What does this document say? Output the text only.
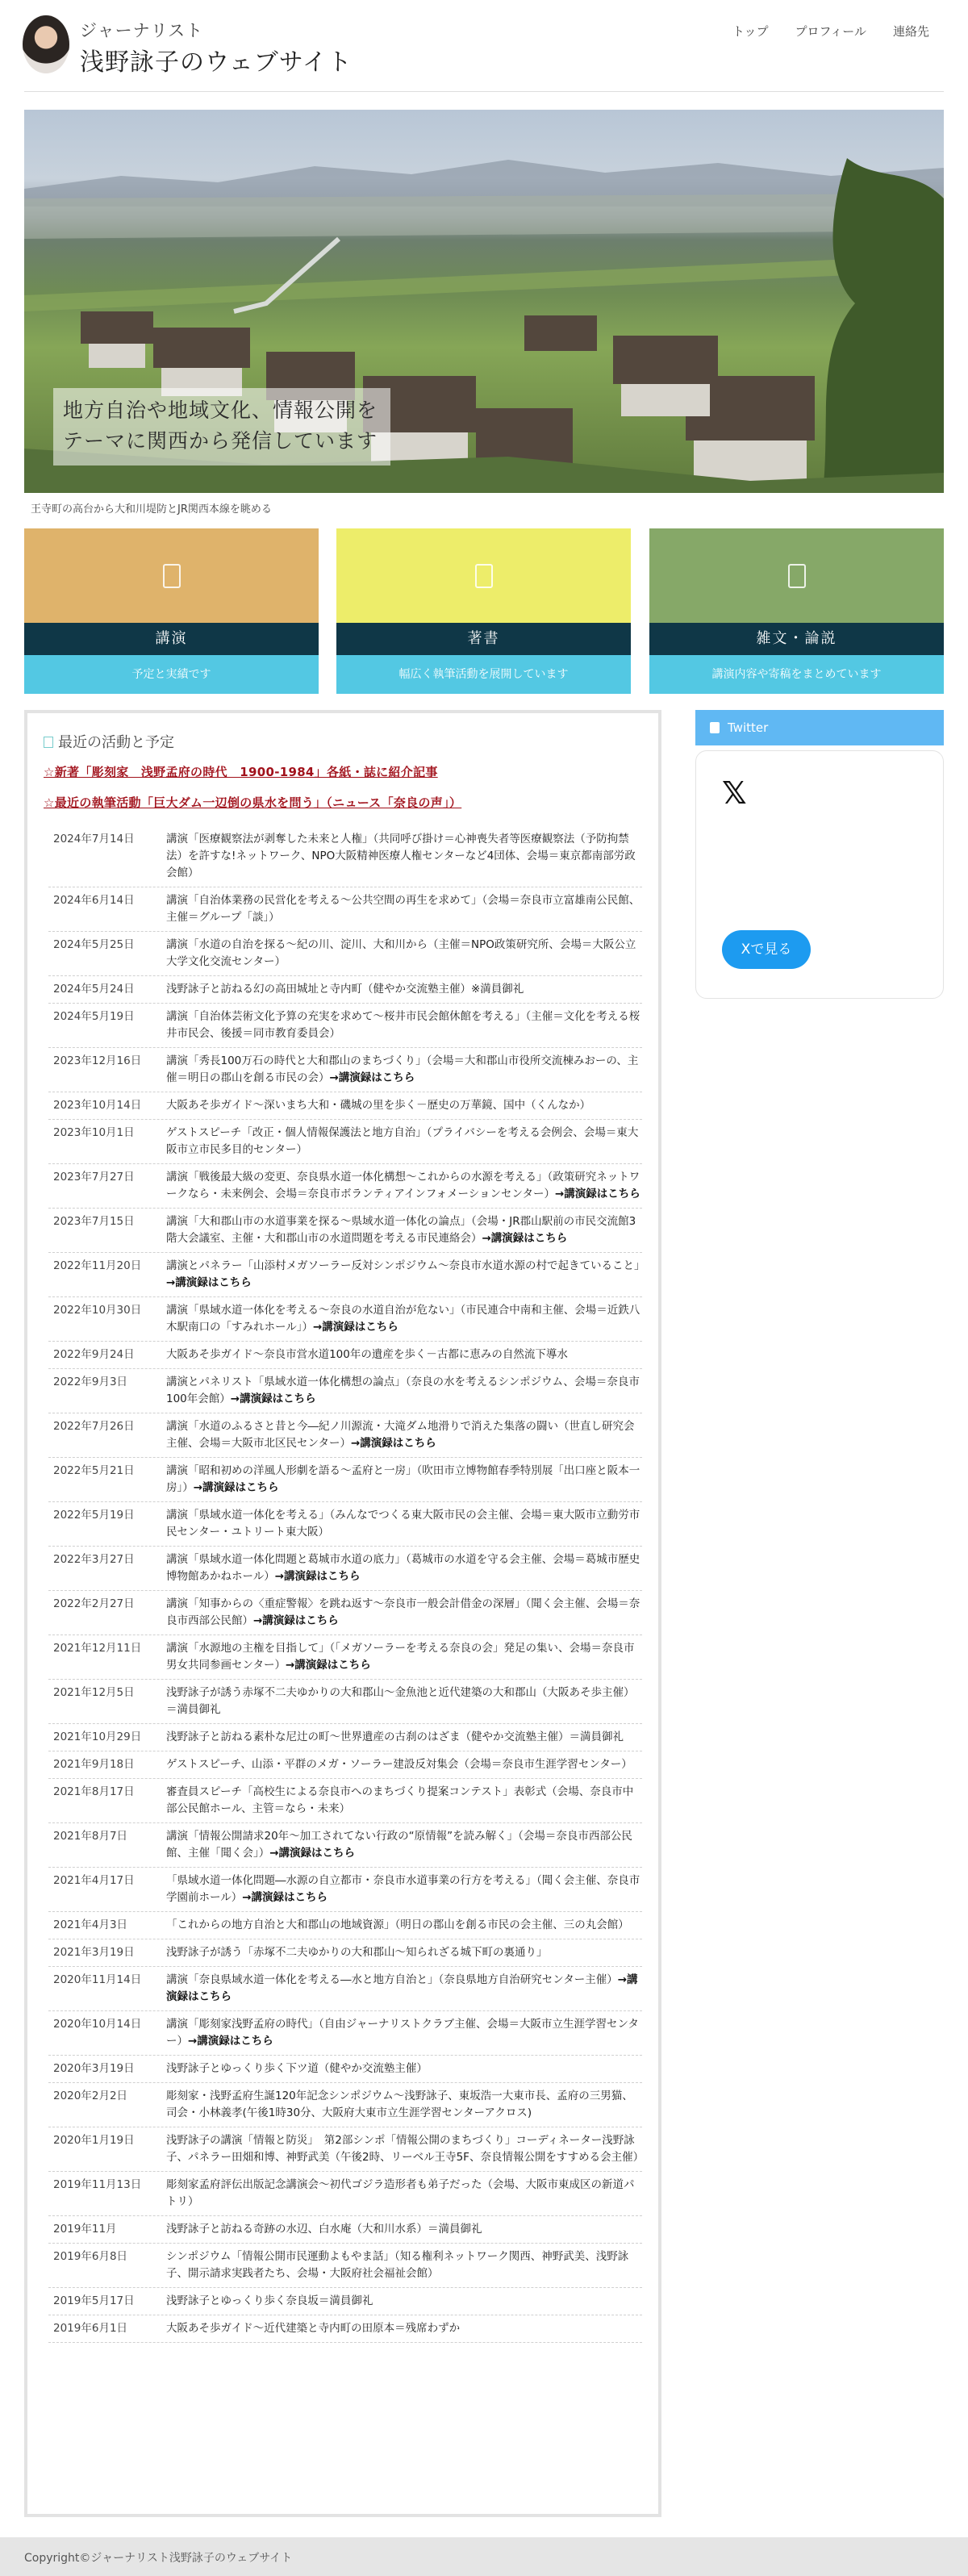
ジャーナリスト
浅野詠子のウェブサイト
トップ プロフィール 連絡先
地方自治や地域文化、情報公開を
テーマに関西から発信しています
王寺町の高台から大和川堤防とJR関西本線を眺める
講演
予定と実績です
著書
幅広く執筆活動を展開しています
雑文・論説
講演内容や寄稿をまとめています
最近の活動と予定
☆新著「彫刻家　浅野孟府の時代　1900-1984」各紙・誌に紹介記事
☆最近の執筆活動「巨大ダム一辺倒の県水を問う」（ニュース「奈良の声」）
2024年7月14日	講演「医療観察法が剥奪した未来と人権」（共同呼び掛け＝心神喪失者等医療観察法（予防拘禁法）を許すな!ネットワーク、NPO大阪精神医療人権センターなど4団体、会場＝東京都南部労政会館）
2024年6月14日	講演「自治体業務の民営化を考える～公共空間の再生を求めて」（会場＝奈良市立富雄南公民館、主催＝グループ「談」）
2024年5月25日	講演「水道の自治を探る～紀の川、淀川、大和川から（主催＝NPO政策研究所、会場＝大阪公立大学文化交流センター）
2024年5月24日	浅野詠子と訪ねる幻の高田城址と寺内町（健やか交流塾主催）※満員御礼
2024年5月19日	講演「自治体芸術文化予算の充実を求めて～桜井市民会館休館を考える」（主催＝文化を考える桜井市民会、後援＝同市教育委員会）
2023年12月16日	講演「秀長100万石の時代と大和郡山のまちづくり」（会場＝大和郡山市役所交流棟みおーの、主催＝明日の郡山を創る市民の会）→講演録はこちら
2023年10月14日	大阪あそ歩ガイド～深いまち大和・磯城の里を歩く－歴史の万華鏡、国中（くんなか）
2023年10月1日	ゲストスピーチ「改正・個人情報保護法と地方自治」（プライバシーを考える会例会、会場＝東大阪市立市民多目的センター）
2023年7月27日	講演「戦後最大級の変更、奈良県水道一体化構想～これからの水源を考える」（政策研究ネットワークなら・未来例会、会場＝奈良市ボランティアインフォメーションセンター）→講演録はこちら
2023年7月15日	講演「大和郡山市の水道事業を探る～県域水道一体化の論点」（会場・JR郡山駅前の市民交流館3階大会議室、主催・大和郡山市の水道問題を考える市民連絡会）→講演録はこちら
2022年11月20日	講演とパネラー「山添村メガソーラー反対シンポジウム～奈良市水道水源の村で起きていること」→講演録はこちら
2022年10月30日	講演「県域水道一体化を考える～奈良の水道自治が危ない」（市民連合中南和主催、会場＝近鉄八木駅南口の「すみれホール」）→講演録はこちら
2022年9月24日	大阪あそ歩ガイド～奈良市営水道100年の遺産を歩く－古都に恵みの自然流下導水
2022年9月3日	講演とパネリスト「県域水道一体化構想の論点」（奈良の水を考えるシンポジウム、会場＝奈良市100年会館）→講演録はこちら
2022年7月26日	講演「水道のふるさと昔と今―紀ノ川源流・大滝ダム地滑りで消えた集落の闘い（世直し研究会主催、会場＝大阪市北区民センター）→講演録はこちら
2022年5月21日	講演「昭和初めの洋風人形劇を語る～孟府と一房」（吹田市立博物館春季特別展「出口座と阪本一房」）→講演録はこちら
2022年5月19日	講演「県域水道一体化を考える」（みんなでつくる東大阪市民の会主催、会場＝東大阪市立動労市民センター・ユトリート東大阪）
2022年3月27日	講演「県域水道一体化問題と葛城市水道の底力」（葛城市の水道を守る会主催、会場＝葛城市歴史博物館あかねホール）→講演録はこちら
2022年2月27日	講演「知事からの〈重症警報〉を跳ね返す～奈良市一般会計借金の深層」（聞く会主催、会場＝奈良市西部公民館）→講演録はこちら
2021年12月11日	講演「水源地の主権を目指して」（「メガソーラーを考える奈良の会」発足の集い、会場＝奈良市男女共同参画センター）→講演録はこちら
2021年12月5日	浅野詠子が誘う赤塚不二夫ゆかりの大和郡山～金魚池と近代建築の大和郡山（大阪あそ歩主催）＝満員御礼
2021年10月29日	浅野詠子と訪ねる素朴な尼辻の町～世界遺産の古刹のはざま（健やか交流塾主催）＝満員御礼
2021年9月18日	ゲストスピーチ、山添・平群のメガ・ソーラー建設反対集会（会場＝奈良市生涯学習センター）
2021年8月17日	審査員スピーチ「高校生による奈良市へのまちづくり提案コンテスト」表彰式（会場、奈良市中部公民館ホール、主管＝なら・未来）
2021年8月7日	講演「情報公開請求20年～加工されてない行政の“原情報”を読み解く」（会場＝奈良市西部公民館、主催「聞く会」）→講演録はこちら
2021年4月17日	「県域水道一体化問題―水源の自立都市・奈良市水道事業の行方を考える」（聞く会主催、奈良市学園前ホール）→講演録はこちら
2021年4月3日	「これからの地方自治と大和郡山の地域資源」（明日の郡山を創る市民の会主催、三の丸会館）
2021年3月19日	浅野詠子が誘う「赤塚不二夫ゆかりの大和郡山～知られざる城下町の裏通り」
2020年11月14日	講演「奈良県域水道一体化を考える―水と地方自治と」（奈良県地方自治研究センター主催）→講演録はこちら
2020年10月14日	講演「彫刻家浅野孟府の時代」（自由ジャーナリストクラブ主催、会場＝大阪市立生涯学習センター）→講演録はこちら
2020年3月19日	浅野詠子とゆっくり歩く下ツ道（健やか交流塾主催）
2020年2月2日	彫刻家・浅野孟府生誕120年記念シンポジウム～浅野詠子、東坂浩一大東市長、孟府の三男猫、司会・小林義孝(午後1時30分、大阪府大東市立生涯学習センターアクロス)
2020年1月19日	浅野詠子の講演「情報と防災」　第2部シンポ「情報公開のまちづくり」コーディネーター浅野詠子、パネラー田畑和博、神野武美（午後2時、リーベル王寺5F、奈良情報公開をすすめる会主催）
2019年11月13日	彫刻家孟府評伝出版記念講演会～初代ゴジラ造形者も弟子だった（会場、大阪市東成区の新道パトリ）
2019年11月	浅野詠子と訪ねる奇跡の水辺、白水庵（大和川水系）＝満員御礼
2019年6月8日	シンポジウム「情報公開市民運動よもやま話」（知る権利ネットワーク関西、神野武美、浅野詠子、開示請求実践者たち、会場・大阪府社会福祉会館）
2019年5月17日	浅野詠子とゆっくり歩く奈良坂＝満員御礼
2019年6月1日	大阪あそ歩ガイド～近代建築と寺内町の田原本＝残席わずか
Twitter
𝕏
Xで見る
Copyright©ジャーナリスト浅野詠子のウェブサイト
